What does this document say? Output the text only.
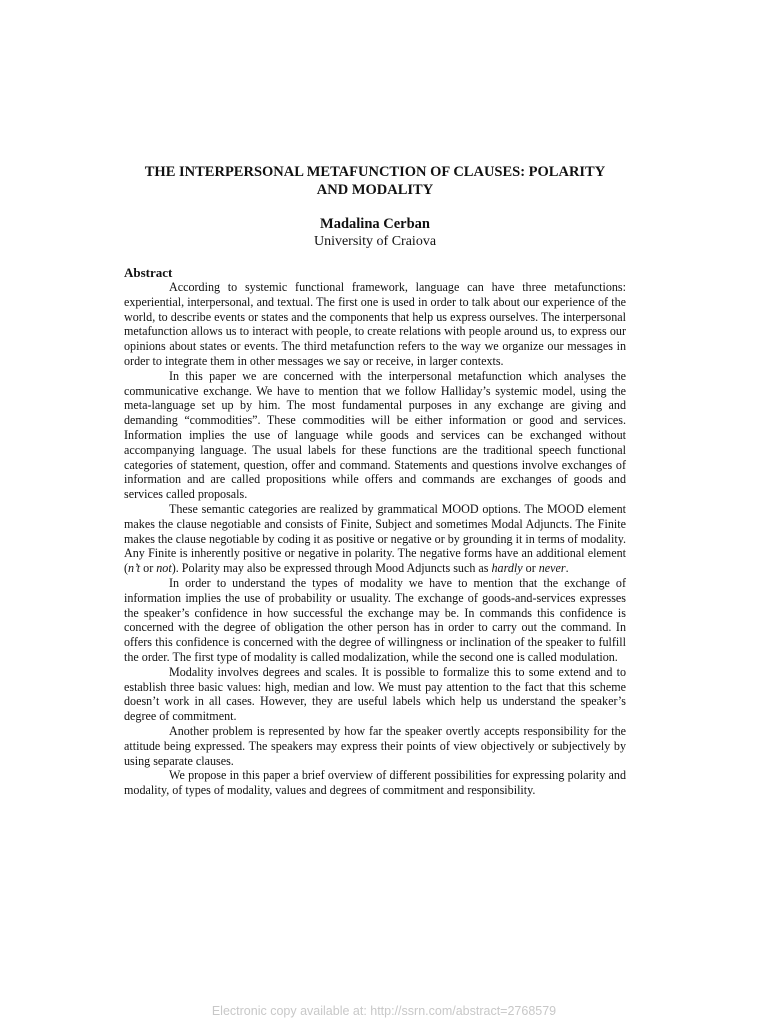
THE INTERPERSONAL METAFUNCTION OF CLAUSES: POLARITY
AND MODALITY
Madalina Cerban
University of Craiova
Abstract

According to systemic functional framework, language can have three metafunctions: experiential, interpersonal, and textual. The first one is used in order to talk about our experience of the world, to describe events or states and the components that help us express ourselves. The interpersonal metafunction allows us to interact with people, to create relations with people around us, to express our opinions about states or events. The third metafunction refers to the way we organize our messages in order to integrate them in other messages we say or receive, in larger contexts.

In this paper we are concerned with the interpersonal metafunction which analyses the communicative exchange. We have to mention that we follow Halliday’s systemic model, using the meta-language set up by him. The most fundamental purposes in any exchange are giving and demanding “commodities”. These commodities will be either information or good and services. Information implies the use of language while goods and services can be exchanged without accompanying language. The usual labels for these functions are the traditional speech functional categories of statement, question, offer and command. Statements and questions involve exchanges of information and are called propositions while offers and commands are exchanges of goods and services called proposals.

These semantic categories are realized by grammatical MOOD options. The MOOD element makes the clause negotiable and consists of Finite, Subject and sometimes Modal Adjuncts. The Finite makes the clause negotiable by coding it as positive or negative or by grounding it in terms of modality. Any Finite is inherently positive or negative in polarity. The negative forms have an additional element (n’t or not). Polarity may also be expressed through Mood Adjuncts such as hardly or never.

In order to understand the types of modality we have to mention that the exchange of information implies the use of probability or usuality. The exchange of goods-and-services expresses the speaker’s confidence in how successful the exchange may be. In commands this confidence is concerned with the degree of obligation the other person has in order to carry out the command. In offers this confidence is concerned with the degree of willingness or inclination of the speaker to fulfill the order. The first type of modality is called modalization, while the second one is called modulation.

Modality involves degrees and scales. It is possible to formalize this to some extend and to establish three basic values: high, median and low. We must pay attention to the fact that this scheme doesn’t work in all cases. However, they are useful labels which help us understand the speaker’s degree of commitment.

Another problem is represented by how far the speaker overtly accepts responsibility for the attitude being expressed. The speakers may express their points of view objectively or subjectively by using separate clauses.

We propose in this paper a brief overview of different possibilities for expressing polarity and modality, of types of modality, values and degrees of commitment and responsibility.

Electronic copy available at: http://ssrn.com/abstract=2768579
